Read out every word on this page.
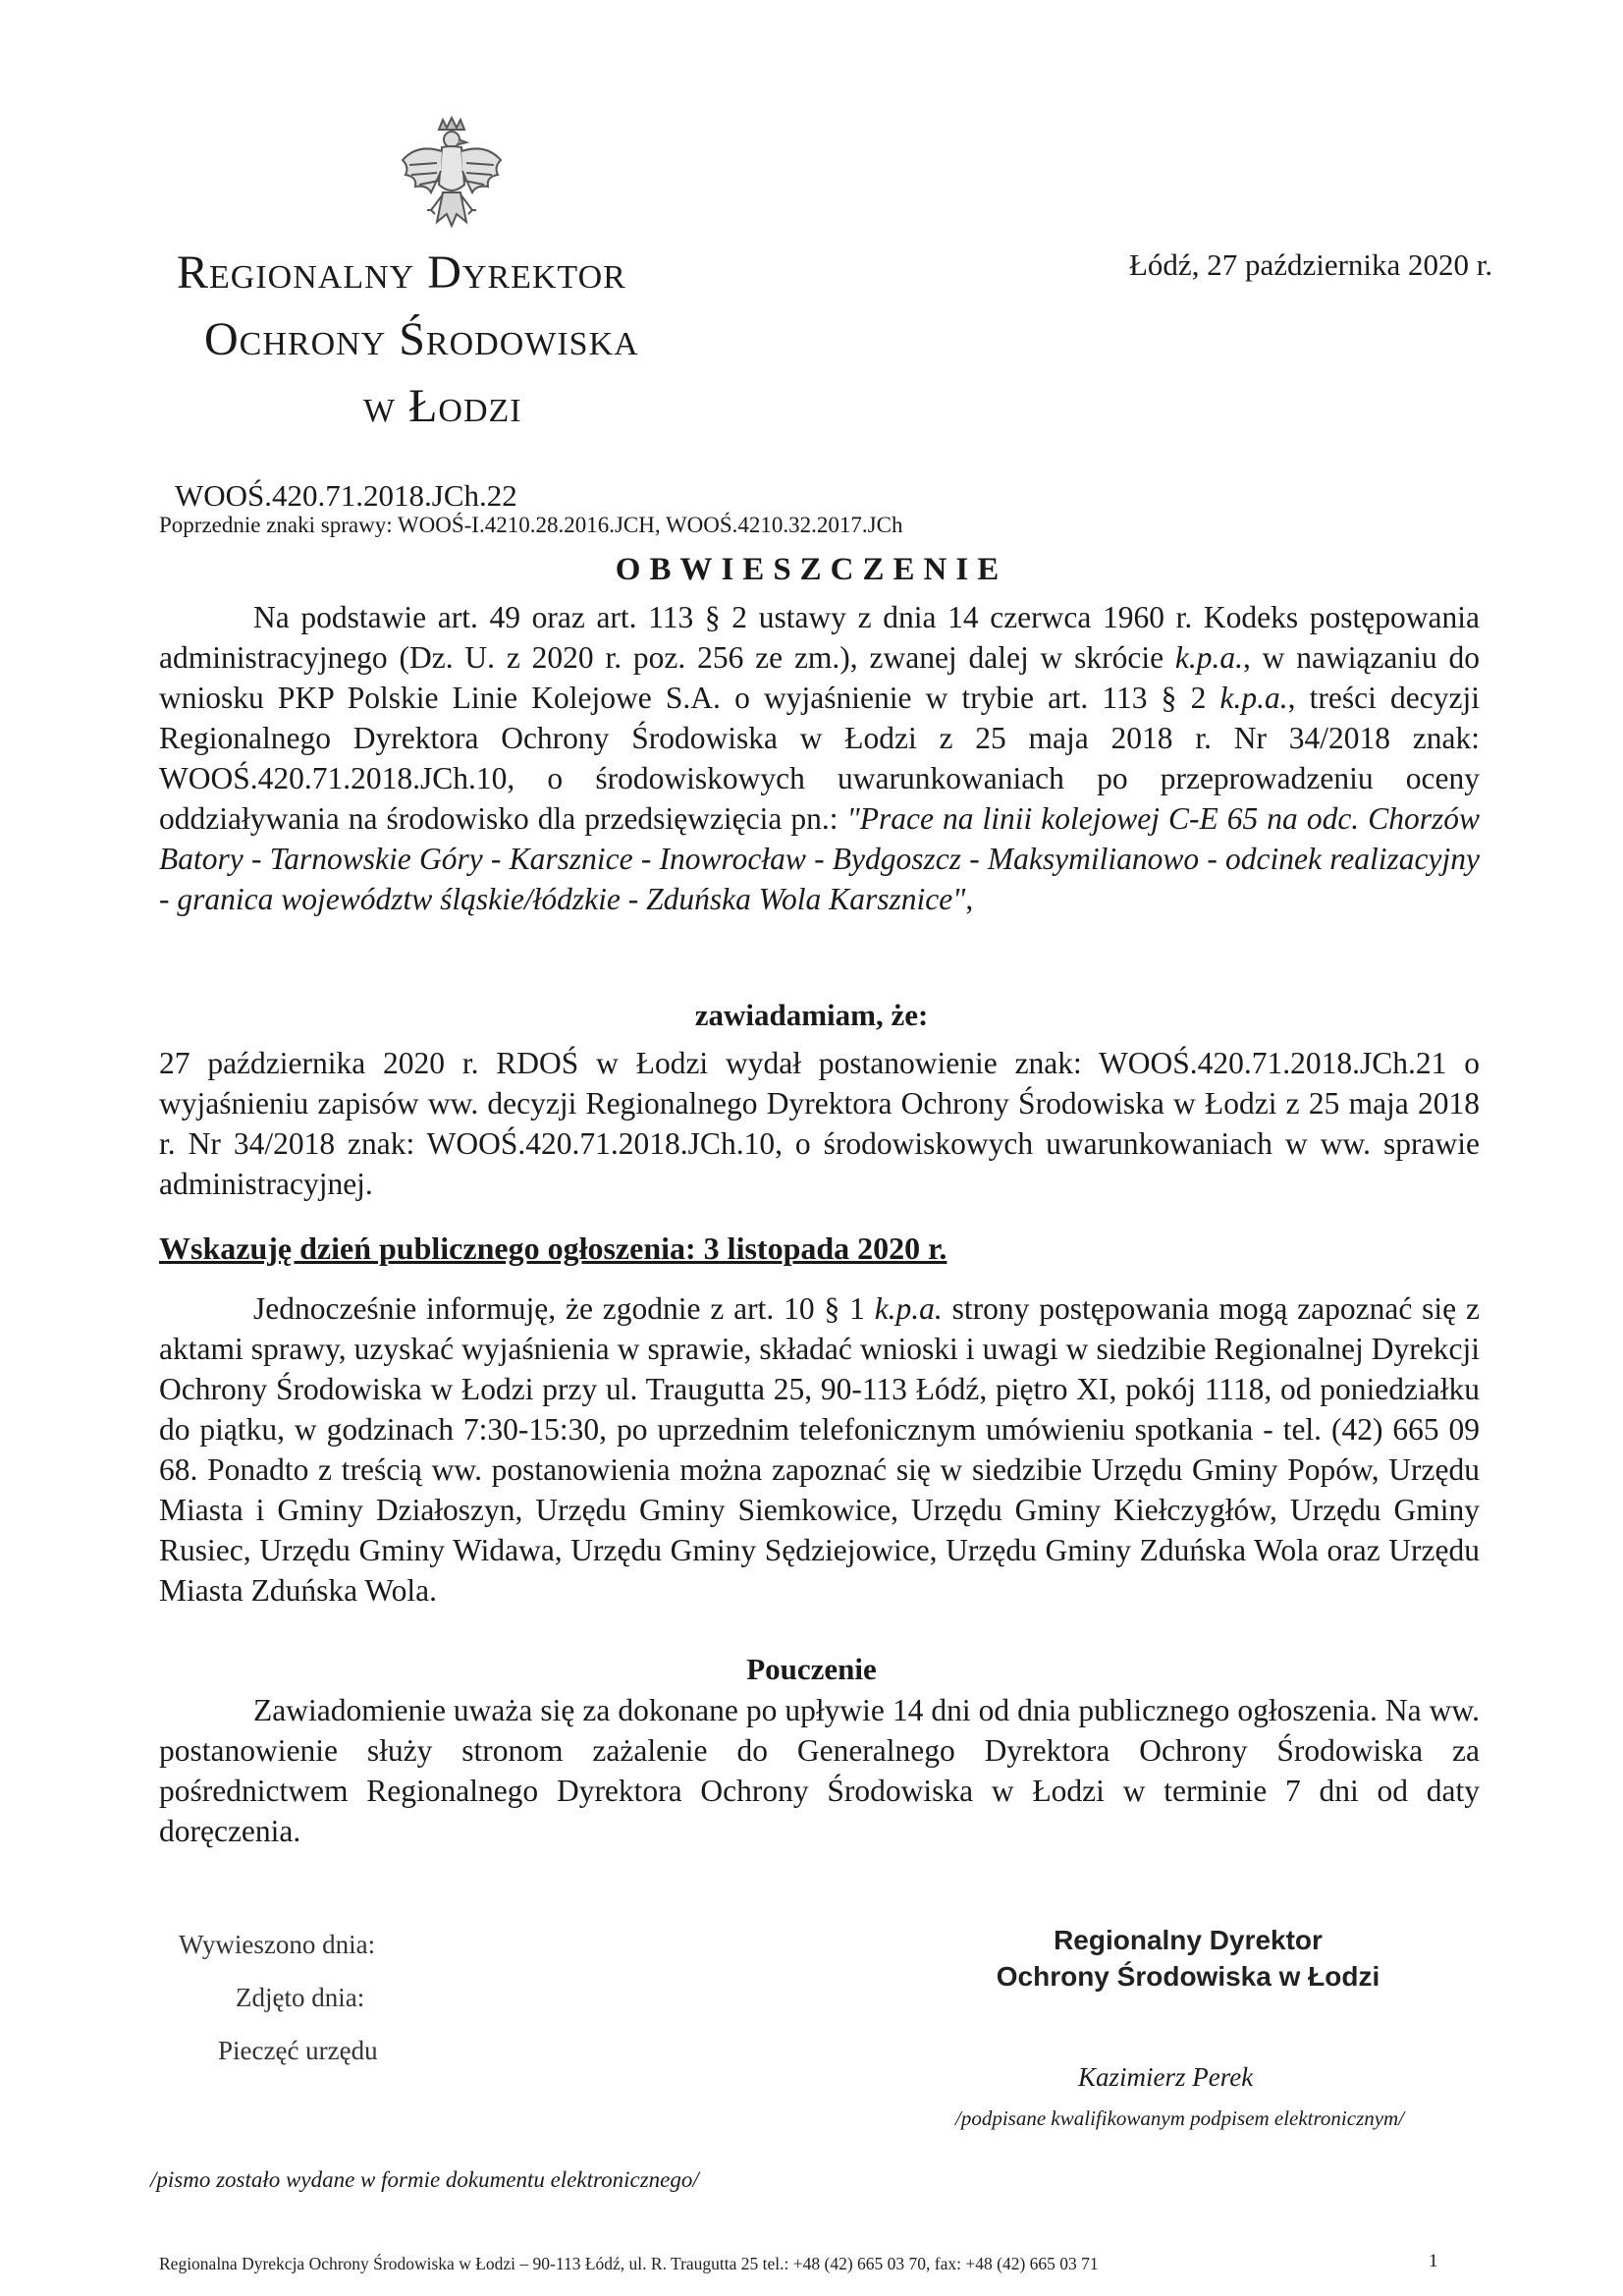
Regionalny Dyrektor
Ochrony Środowiska
w Łodzi
Łódź, 27 października 2020 r.
WOOŚ.420.71.2018.JCh.22
Poprzednie znaki sprawy: WOOŚ-I.4210.28.2016.JCH, WOOŚ.4210.32.2017.JCh
OBWIESZCZENIE

Na podstawie art. 49 oraz art. 113 § 2 ustawy z dnia 14 czerwca 1960 r. Kodeks postępowania administracyjnego (Dz. U. z 2020 r. poz. 256 ze zm.), zwanej dalej w skrócie k.p.a., w nawiązaniu do wniosku PKP Polskie Linie Kolejowe S.A. o wyjaśnienie w trybie art. 113 § 2 k.p.a., treści decyzji Regionalnego Dyrektora Ochrony Środowiska w Łodzi z 25 maja 2018 r. Nr 34/2018 znak: WOOŚ.420.71.2018.JCh.10, o środowiskowych uwarunkowaniach po przeprowadzeniu oceny oddziaływania na środowisko dla przedsięwzięcia pn.: "Prace na linii kolejowej C-E 65 na odc. Chorzów Batory - Tarnowskie Góry - Karsznice - Inowrocław - Bydgoszcz - Maksymilianowo - odcinek realizacyjny - granica województw śląskie/łódzkie - Zduńska Wola Karsznice",

zawiadamiam, że:

27 października 2020 r. RDOŚ w Łodzi wydał postanowienie znak: WOOŚ.420.71.2018.JCh.21 o wyjaśnieniu zapisów ww. decyzji Regionalnego Dyrektora Ochrony Środowiska w Łodzi z 25 maja 2018 r. Nr 34/2018 znak: WOOŚ.420.71.2018.JCh.10, o środowiskowych uwarunkowaniach w ww. sprawie administracyjnej.

Wskazuję dzień publicznego ogłoszenia: 3 listopada 2020 r.

Jednocześnie informuję, że zgodnie z art. 10 § 1 k.p.a. strony postępowania mogą zapoznać się z aktami sprawy, uzyskać wyjaśnienia w sprawie, składać wnioski i uwagi w siedzibie Regionalnej Dyrekcji Ochrony Środowiska w Łodzi przy ul. Traugutta 25, 90-113 Łódź, piętro XI, pokój 1118, od poniedziałku do piątku, w godzinach 7:30-15:30, po uprzednim telefonicznym umówieniu spotkania - tel. (42) 665 09 68. Ponadto z treścią ww. postanowienia można zapoznać się w siedzibie Urzędu Gminy Popów, Urzędu Miasta i Gminy Działoszyn, Urzędu Gminy Siemkowice, Urzędu Gminy Kiełczygłów, Urzędu Gminy Rusiec, Urzędu Gminy Widawa, Urzędu Gminy Sędziejowice, Urzędu Gminy Zduńska Wola oraz Urzędu Miasta Zduńska Wola.

Pouczenie

Zawiadomienie uważa się za dokonane po upływie 14 dni od dnia publicznego ogłoszenia. Na ww. postanowienie służy stronom zażalenie do Generalnego Dyrektora Ochrony Środowiska za pośrednictwem Regionalnego Dyrektora Ochrony Środowiska w Łodzi w terminie 7 dni od daty doręczenia.

Wywieszono dnia:
Zdjęto dnia:
Pieczęć urzędu
Regionalny Dyrektor
Ochrony Środowiska w Łodzi
Kazimierz Perek
/podpisane kwalifikowanym podpisem elektronicznym/
/pismo zostało wydane w formie dokumentu elektronicznego/
Regionalna Dyrekcja Ochrony Środowiska w Łodzi – 90-113 Łódź, ul. R. Traugutta 25 tel.: +48 (42) 665 03 70, fax: +48 (42) 665 03 71	1
